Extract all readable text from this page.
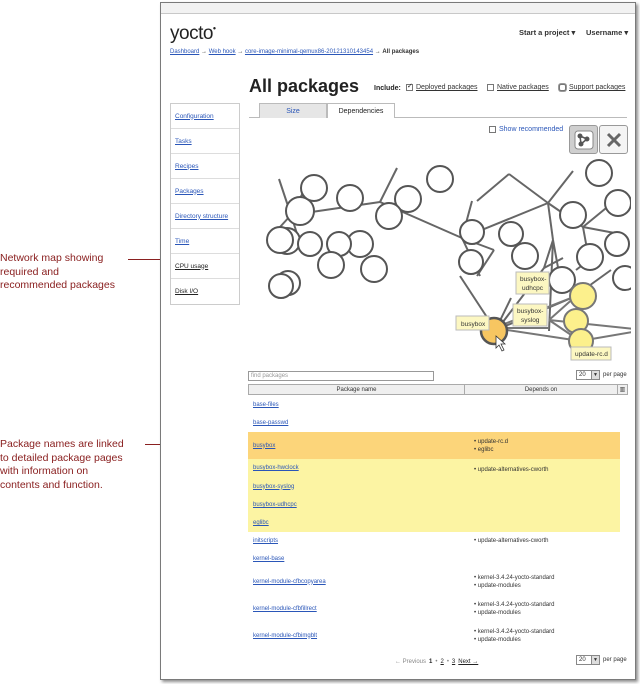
Network map showing
required and
recommended packages
Package names are linked
to detailed package pages
with information on
contents and function.
yocto•	Start a project ▾ Username ▾
Dashboard → Web hook → core-image-minimal-qemux86-20121310143454 → All packages
All packages Include:
✓ Deployed packages	Native packages	Support packages
Size	Dependencies
Configuration
Tasks
Recipes
Packages
Directory structure
Time
CPU usage
Disk I/O
Show recommended
busybox
busybox-
udhcpc
busybox-
syslog
update-rc.d
find packages	20	▼ per page
Package name	Depends on	▥
base-files
base-passwd
busybox
• update-rc.d
• eglibc
busybox-hwclock
busybox-syslog
• update-alternatives-cworth
busybox-udhcpc
eglibc
initscripts	• update-alternatives-cworth
kernel-base
kernel-module-cfbcopyarea
• kernel-3.4.24-yocto-standard
• update-modules
kernel-module-cfbfillrect
• kernel-3.4.24-yocto-standard
• update-modules
kernel-module-cfbimgblt
• kernel-3.4.24-yocto-standard
• update-modules
← Previous 1 • 2 • 3 Next →	20	▼ per page
